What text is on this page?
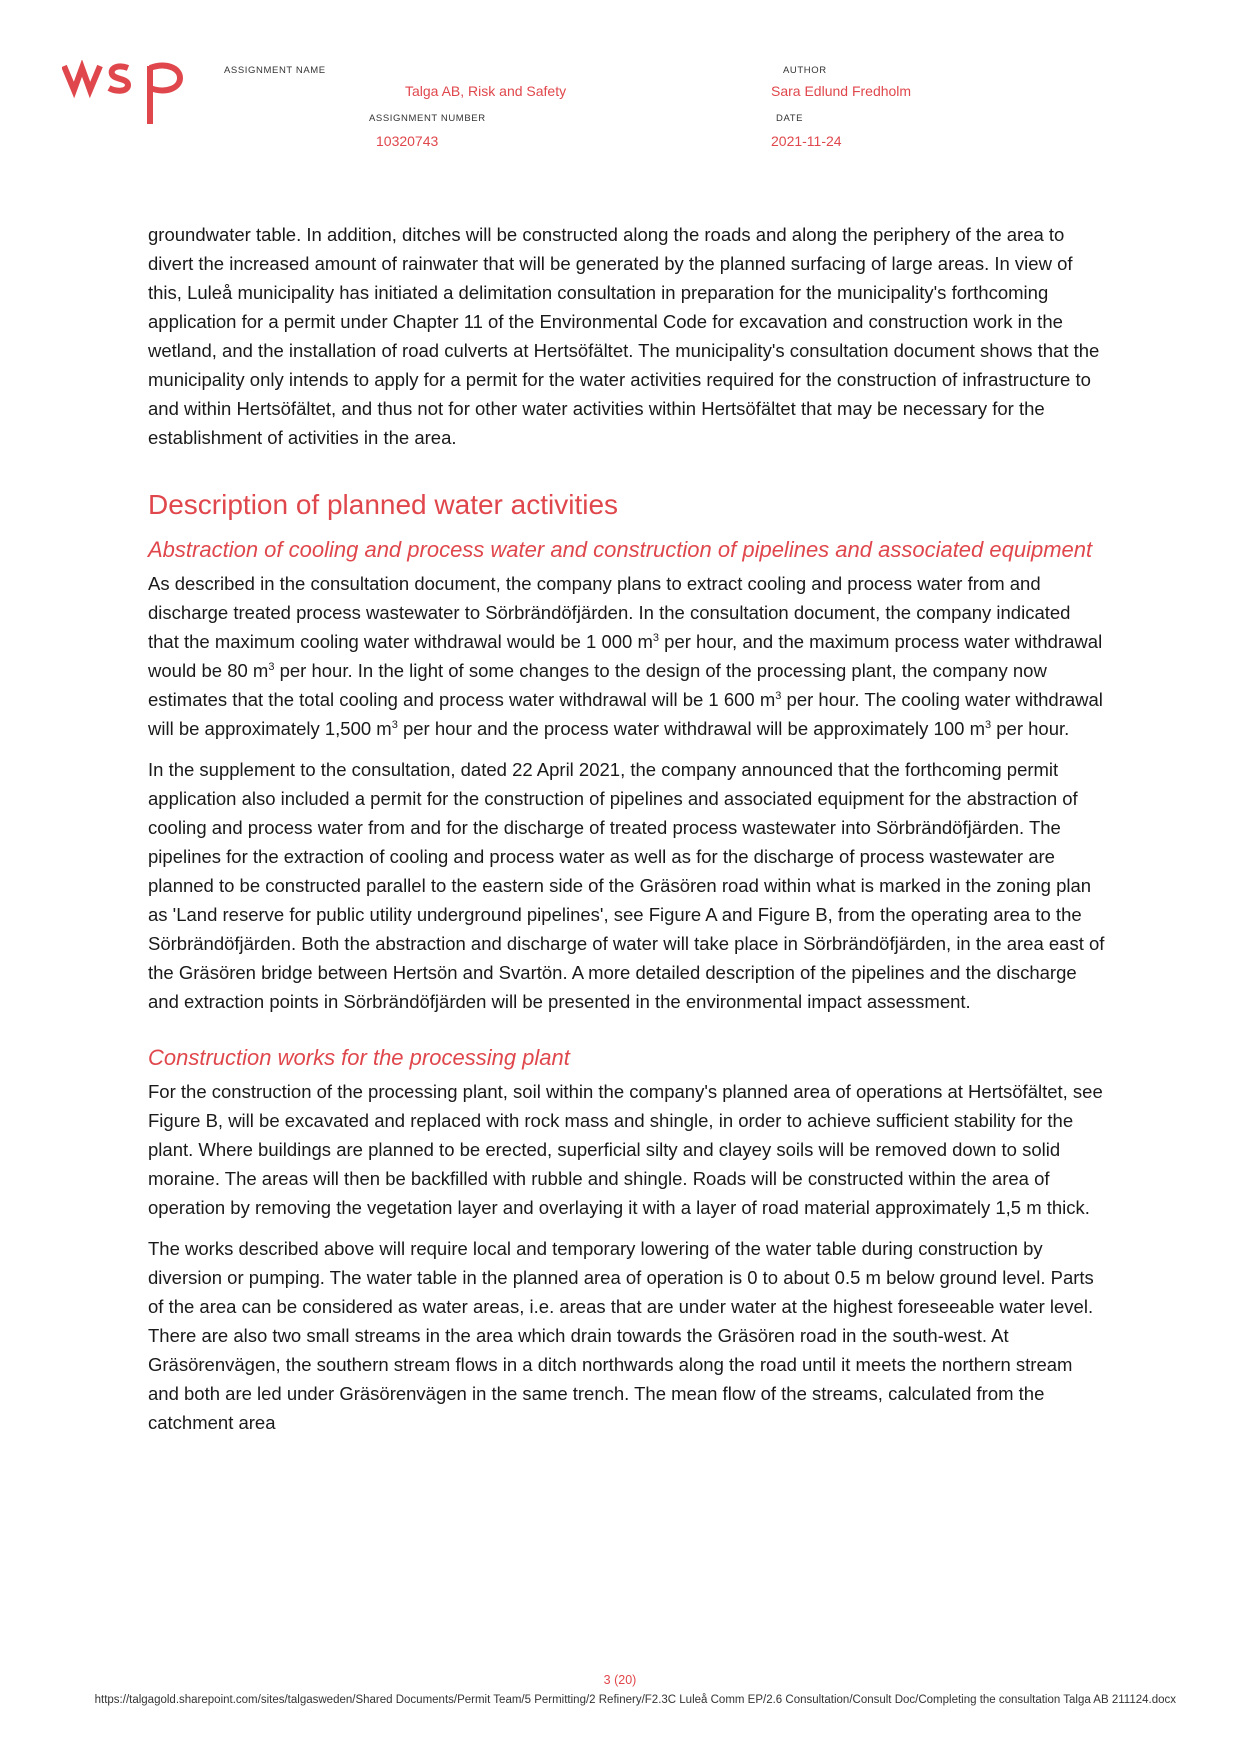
ASSIGNMENT NAME
Talga AB, Risk and Safety
AUTHOR
Sara Edlund Fredholm
ASSIGNMENT NUMBER
10320743
DATE
2021-11-24

groundwater table. In addition, ditches will be constructed along the roads and along the periphery of the area to divert the increased amount of rainwater that will be generated by the planned surfacing of large areas. In view of this, Luleå municipality has initiated a delimitation consultation in preparation for the municipality's forthcoming application for a permit under Chapter 11 of the Environmental Code for excavation and construction work in the wetland, and the installation of road culverts at Hertsöfältet. The municipality's consultation document shows that the municipality only intends to apply for a permit for the water activities required for the construction of infrastructure to and within Hertsöfältet, and thus not for other water activities within Hertsöfältet that may be necessary for the establishment of activities in the area.

Description of planned water activities
Abstraction of cooling and process water and construction of pipelines and associated equipment

As described in the consultation document, the company plans to extract cooling and process water from and discharge treated process wastewater to Sörbrändöfjärden. In the consultation document, the company indicated that the maximum cooling water withdrawal would be 1 000 $m^3$ per hour, and the maximum process water withdrawal would be 80 $m^3$ per hour. In the light of some changes to the design of the processing plant, the company now estimates that the total cooling and process water withdrawal will be 1 600 $m^3$ per hour. The cooling water withdrawal will be approximately 1,500 $m^3$ per hour and the process water withdrawal will be approximately 100 $m^3$ per hour.

In the supplement to the consultation, dated 22 April 2021, the company announced that the forthcoming permit application also included a permit for the construction of pipelines and associated equipment for the abstraction of cooling and process water from and for the discharge of treated process wastewater into Sörbrändöfjärden. The pipelines for the extraction of cooling and process water as well as for the discharge of process wastewater are planned to be constructed parallel to the eastern side of the Gräsören road within what is marked in the zoning plan as 'Land reserve for public utility underground pipelines', see Figure A and Figure B, from the operating area to the Sörbrändöfjärden. Both the abstraction and discharge of water will take place in Sörbrändöfjärden, in the area east of the Gräsören bridge between Hertsön and Svartön. A more detailed description of the pipelines and the discharge and extraction points in Sörbrändöfjärden will be presented in the environmental impact assessment.

Construction works for the processing plant

For the construction of the processing plant, soil within the company's planned area of operations at Hertsöfältet, see Figure B, will be excavated and replaced with rock mass and shingle, in order to achieve sufficient stability for the plant. Where buildings are planned to be erected, superficial silty and clayey soils will be removed down to solid moraine. The areas will then be backfilled with rubble and shingle. Roads will be constructed within the area of operation by removing the vegetation layer and overlaying it with a layer of road material approximately 1,5 m thick.

The works described above will require local and temporary lowering of the water table during construction by diversion or pumping. The water table in the planned area of operation is 0 to about 0.5 m below ground level. Parts of the area can be considered as water areas, i.e. areas that are under water at the highest foreseeable water level. There are also two small streams in the area which drain towards the Gräsören road in the south-west. At Gräsörenvägen, the southern stream flows in a ditch northwards along the road until it meets the northern stream and both are led under Gräsörenvägen in the same trench. The mean flow of the streams, calculated from the catchment area

3 (20)
https://talgagold.sharepoint.com/sites/talgasweden/Shared Documents/Permit Team/5 Permitting/2 Refinery/F2.3C Luleå Comm EP/2.6 Consultation/Consult Doc/Completing the consultation Talga AB 211124.docx
